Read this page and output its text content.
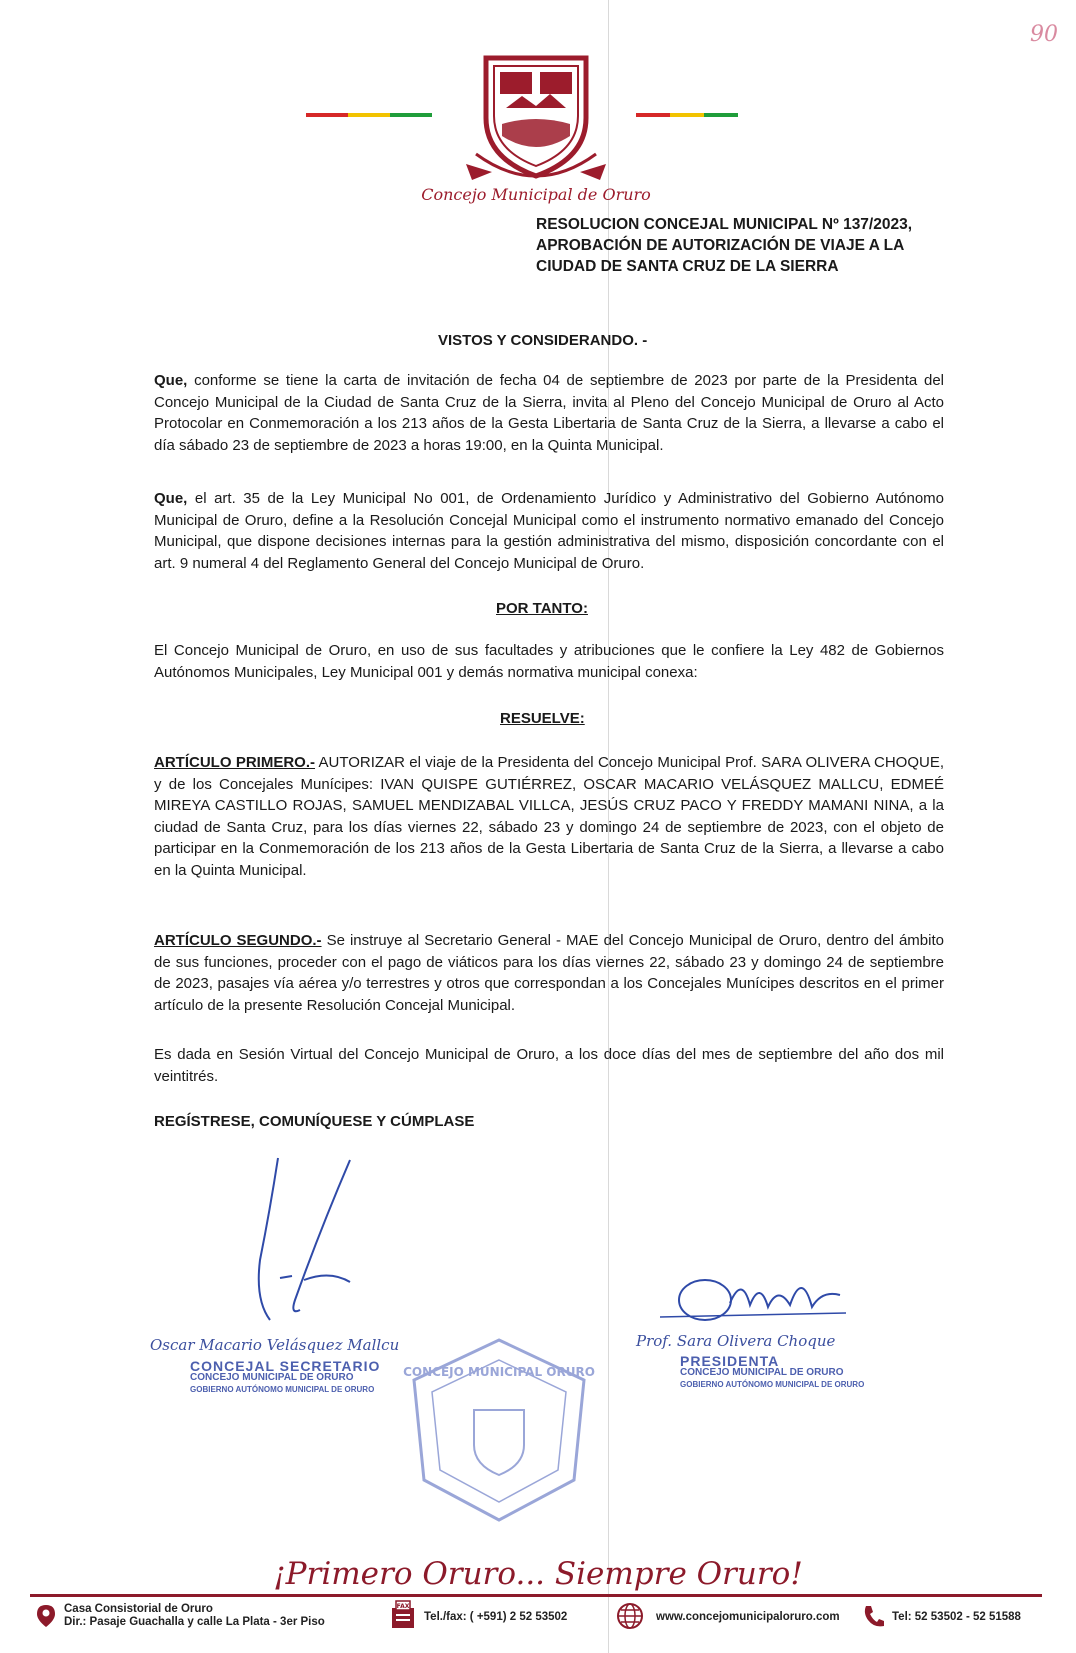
90
Concejo Municipal de Oruro
RESOLUCION CONCEJAL MUNICIPAL Nº 137/2023,
APROBACIÓN DE AUTORIZACIÓN DE VIAJE A LA
CIUDAD DE SANTA CRUZ DE LA SIERRA
VISTOS Y CONSIDERANDO. -
Que, conforme se tiene la carta de invitación de fecha 04 de septiembre de 2023 por parte de la Presidenta del Concejo Municipal de la Ciudad de Santa Cruz de la Sierra, invita al Pleno del Concejo Municipal de Oruro al Acto Protocolar en Conmemoración a los 213 años de la Gesta Libertaria de Santa Cruz de la Sierra, a llevarse a cabo el día sábado 23 de septiembre de 2023 a horas 19:00, en la Quinta Municipal.
Que, el art. 35 de la Ley Municipal No 001, de Ordenamiento Jurídico y Administrativo del Gobierno Autónomo Municipal de Oruro, define a la Resolución Concejal Municipal como el instrumento normativo emanado del Concejo Municipal, que dispone decisiones internas para la gestión administrativa del mismo, disposición concordante con el art. 9 numeral 4 del Reglamento General del Concejo Municipal de Oruro.
POR TANTO:
El Concejo Municipal de Oruro, en uso de sus facultades y atribuciones que le confiere la Ley 482 de Gobiernos Autónomos Municipales, Ley Municipal 001 y demás normativa municipal conexa:
RESUELVE:
ARTÍCULO PRIMERO.- AUTORIZAR el viaje de la Presidenta del Concejo Municipal Prof. SARA OLIVERA CHOQUE, y de los Concejales Munícipes: IVAN QUISPE GUTIÉRREZ, OSCAR MACARIO VELÁSQUEZ MALLCU, EDMEÉ MIREYA CASTILLO ROJAS, SAMUEL MENDIZABAL VILLCA, JESÚS CRUZ PACO Y FREDDY MAMANI NINA, a la ciudad de Santa Cruz, para los días viernes 22, sábado 23 y domingo 24 de septiembre de 2023, con el objeto de participar en la Conmemoración de los 213 años de la Gesta Libertaria de Santa Cruz de la Sierra, a llevarse a cabo en la Quinta Municipal.
ARTÍCULO SEGUNDO.- Se instruye al Secretario General - MAE del Concejo Municipal de Oruro, dentro del ámbito de sus funciones, proceder con el pago de viáticos para los días viernes 22, sábado 23 y domingo 24 de septiembre de 2023, pasajes vía aérea y/o terrestres y otros que correspondan a los Concejales Munícipes descritos en el primer artículo de la presente Resolución Concejal Municipal.
Es dada en Sesión Virtual del Concejo Municipal de Oruro, a los doce días del mes de septiembre del año dos mil veintitrés.
REGÍSTRESE, COMUNÍQUESE Y CÚMPLASE
Oscar Macario Velásquez Mallcu
CONCEJAL SECRETARIO
CONCEJO MUNICIPAL DE ORURO
GOBIERNO AUTÓNOMO MUNICIPAL DE ORURO
Prof. Sara Olivera Choque
PRESIDENTA
CONCEJO MUNICIPAL DE ORURO
GOBIERNO AUTÓNOMO MUNICIPAL DE ORURO
CONCEJO MUNICIPAL ORURO
¡Primero Oruro... Siempre Oruro!
Casa Consistorial de Oruro
Dir.: Pasaje Guachalla y calle La Plata - 3er Piso
FAX
Tel./fax: ( +591) 2 52 53502	www.concejomunicipaloruro.com	Tel: 52 53502 - 52 51588
